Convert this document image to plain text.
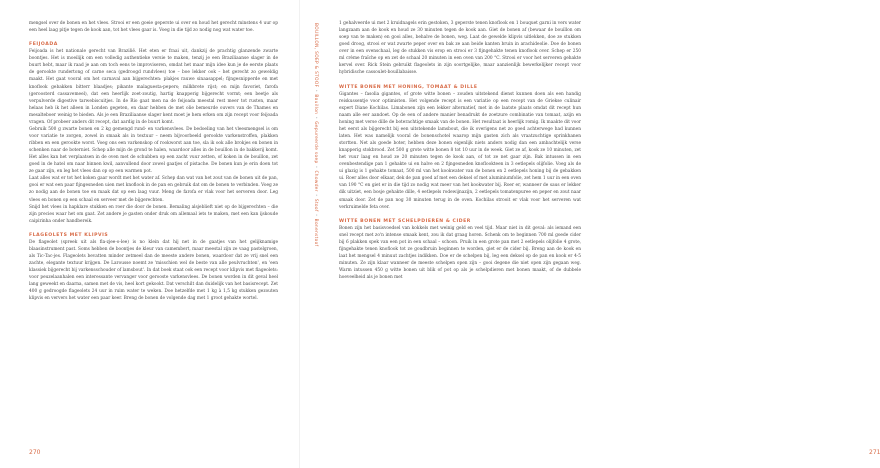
mengsel over de bonen en het vlees. Strooi er een goeie geperste ui over en houd het gerecht minstens 4 uur op een heel laag pitje tegen de kook aan, tot het vlees gaar is. Voeg in die tijd zo nodig nog wat water toe.

FEIJOADA

Feijoada is het nationale gerecht van Brazilië. Het eten er fraai uit, dankzij de prachtig glanzende zwarte boontjes. Het is moeilijk om een volledig authentieke versie te maken, tenzij je een Braziliaanse slager in de buurt hebt, maar ik raad je aan om toch eens te improviseren, omdat het maar mijn idee kun je de eerste plaats de gerookte rundertong of carne seca (gedroogd rundvlees) toe – boe lekker ook – het gerecht zo geweldig maakt. Het gaat vooral om het carnaval aan bijgerechten: plakjes rauwe sinaasappel; fijngesnipperde en met knoflook gebakken bitterr blaadjes; pikante malaguesta-pepers; milkbrete rijst; en mijn favoriet, farofa (geroosterd cassavemeel), dat een heerlijk zoet-zoutig, hartig knapperig bijgerecht vormt; een beetje als verpulverde digestive tarwebiscuitjes. In de Rio gaat men na de feijoada meestal rest meer tot rusten, maar helaas heb ik het alleen in Londen gegeten, en daar hebben de met olie bemeurde ouvers van de Thames en mesalteboer weinig te bieden. Als je een Braziliaanse slager kent moet je hem erken om zijn recept voor feijoada vragen. Of probeer anders dit recept, dat aardig in de buurt komt.

Gebruik 500 g zwarte bonen en 2 kg gemengd rund- en varkensvlees. De bedoeling van het vleesmengsel is om voor variatie te zorgen, zowel in smaak als in textuur – neem bijvoorbeeld gerookte varkenstroffen, plakken ribben en een gerookte worst. Voeg ons een varkenskop of rookworst aan toe, sla ik ook alle brokjes en bonen in schenken naar de boterniet. Schep alle mijn de grond te halen, waardoor alles in de bouillon in de bakkerij komt. Het alles kan het verplaatsen in de oven met de schubben op een zacht vuur zetten, of koken in de bouillon, zet goed in de hatel om naar binnen kwil, aanvullend door zowel gaatjes of pistache. De bonen kun je erin doen tot ze gaar zijn, en leg het vlees dan op op een warmen pot.

Laat alles wat er tot het koken gaar wordt met het water af. Schep dan wat van het zout van de bonen uit de pan, gooi er wat een paar fijngesneden uien met knoflook in de pan en gebruik dat om de bonen te verbinden. Voeg ze zo nodig aan de bonen toe en maak dat op een laag vuur. Meng de farofa er vlak voor het serveren door. Leg vlees en bonen op een schaal en serveer met de bijgerechten.

Snijd het vlees in hapklare stukken en roer die door de bonen. Bemaling alsjeblieft niet op de bijgerechten – die zijn precies waar het om gaat. Zet andere je gasten onder druk om allemaal iets te maken, met een kan ijskoude caipirinha onder handbereik.

FLAGEOLETS MET KLIPVIS

De flageolet (spreek uit als fla-zjee-o-lee) is no klein dat hij net in de gaatjes van het gelijknamige blaasinstrument past. Soms hebben de boontjes de kleur van camembert, maar meestal zijn ze vaag pastelgroen, als Tic-Tac-jes. Flageolets bevatten minder zetmeel dan de meeste andere bonen, waardoor dat ze vrij snel een zachte, elegante textuur krijgen. De Larousse noemt ze 'misschien wel de beste van alle peulvruchten', en 'een klassiek bijgerecht bij varkensschouder of lamsbout'. In dat boek staat ook een recept voor klipvis met flageolets: voor peuzelaanhalen een interessante vervanger voor gerooste varkensvlees. De bonen worden in dit geval heel lang geweekt en daarna, samen met de vis, heel kort gekookt. Dat verschilt dan duidelijk van het basisrecept. Zet 400 g gedroogde flageolets 24 uur in ruim water te weken. Doe hetzelfde met 1 kg à 1,5 kg stukken gezouten klipvis en ververs het water een paar keer. Breng de bonen de volgende dag met 1 groot gehakte wortel.

270

1 gehalveerde ui met 2 kruidnagels erin gestoken, 3 geperste tenen knoflook en 1 bouquet garni in vers water langzaam aan de kook en houd ze 30 minuten tegen de kook aan. Giet de bonen af (bewaar de bouillon om soep van te maken) en gooi alles, behalve de bonen, weg. Laat de gewelde klipvis uitlekken, doe ze stukken goed droog, strooi er wat zwarte peper over en bak ze aan beide kanten bruin in arachideolie. Doe de bonen over in een ovenschaal, leg de stukken vis erop en strooi er 3 fijngehakte tenen knoflook over. Schep er 250 ml crème fraîche op en zet de schaal 20 minuten in een oven van 200 °C. Strooi er voor het serveren gehakte kervel over. Rick Stein gebruikt flageolets in zijn soortgelijke, maar aanzienlijk bewerkelijker recept voor hybridische cassoulet-bouillabaisse.

WITTE BONEN MET HONING, TOMAAT & DILLE

Gigantes – fasolia gigantes, of grote witte bonen – zouden uitstekend dienst kunnen doen als een handig reiskussentje voor optimisten. Het volgende recept is een variatie op een recept van de Griekse culinair expert Diane Kochilas. Limabonen zijn een lekker alternatief, met in de laatste plaats omdat dit recept hun naam alle eer aandoet. Op de een of andere manier benadrukt de zoetzure combinatie van tomaat, azijn en honing met verse dille de boterachtige smaak van de bonen. Het resultaat is heerlijk romig. Ik maakte dit voor het eerst als bijgerecht bij een uitstekende lamsbout, die ik overigens net zo goed achterwege had kunnen laten. Het was namelijk vooral de bonenschotel waarop mijn gasten zich als vraatzuchtige sprinkhanen stortten. Net als goede boter, hebben deze bonen eigenlijk niets anders nodig dan een ambachtelijk verse knapperig stokbrood. Zet 500 g grote witte bonen 8 tot 10 uur in de week. Giet ze af, kook ze 10 minuten, zet het vuur laag en houd ze 20 minuten tegen de kook aan, of tot ze net gaar zijn. Bak intussen in een ovenbestendige pan 1 gehakte ui en halve en 2 fijngesneden knoflookteen in 3 eetlepels olijfolie. Voeg als de ui glazig is 1 gehakte tomaat, 500 ml van het kookwater van de bonen en 2 eetlepels honing bij de gebakken ui. Roer alles door elkaar, dek de pan goed af met een deksel of met aluminiumfolie, zet hem 1 uur in een oven van 190 °C en giet er in die tijd zo nodig wat meer van het kookwater bij. Roer er, wanneer de saus er lekker dik uitziet, een bosje gehakte dille, 4 eetlepels rodewijnazijn, 2 eetlepels tomatenpuree en peper en zout naar smaak door. Zet de pan nog 30 minuten terug in de oven. Kochilas strooit er vlak voor het serveren wat verkruimelde feta over.

WITTE BONEN MET SCHELPDIEREN & CIDER

Bonen zijn het basisvoedsel van kokkels met weinig geld en veel tijd. Maar niet in dit geval: als iemand een snel recept met zo'n intense smaak kent, zou ik dat graag horen. Schenk om te beginnen 700 ml goede cider bij 6 plakken spek van een pot in een schaal – schoon. Pruik in een grote pan met 2 eetlepels olijfolie 4 grote, fijngehakte tenen knoflook tot ze goudbruin beginnen te worden, giet er de cider bij. Breng aan de kook en laat het mengsel 4 minuut zachtjes indikken. Doe er de schelpen bij, leg een deksel op de pan en kook er 4-5 minuten. Ze zijn klaar wanneer de meeste schelpen open zijn – gooi degene die niet open zijn gegaan weg. Warm intussen 450 g witte bonen uit blik of pot op als je schelpdieren met bonen maakt, of de dubbele hoeveelheid als je bonen met

271
BOUILLON, SOEP & STOOF•Bouillon•Gepureerde soep•Chowder•Stoof•Bonenstoof
